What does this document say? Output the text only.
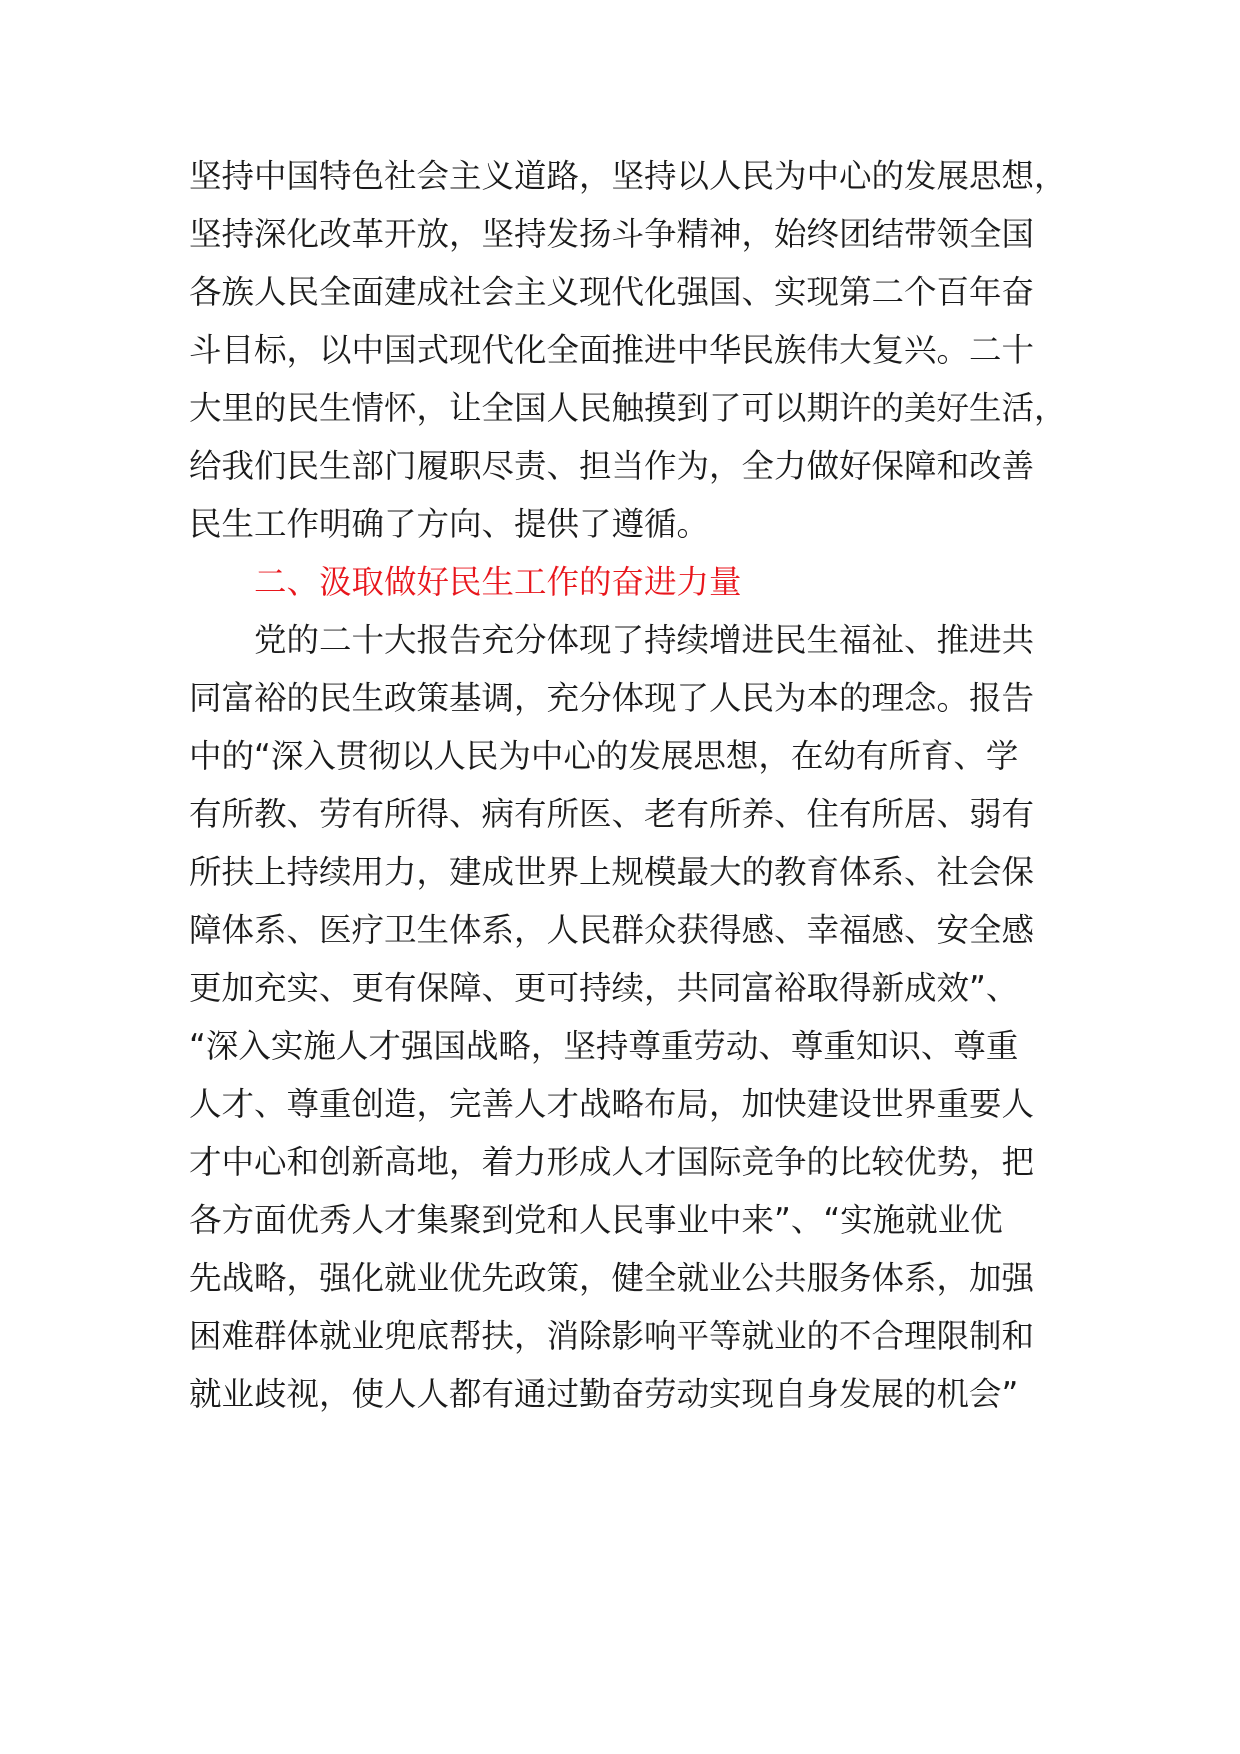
坚持中国特色社会主义道路，坚持以人民为中心的发展思想，
坚持深化改革开放，坚持发扬斗争精神，始终团结带领全国
各族人民全面建成社会主义现代化强国、实现第二个百年奋
斗目标，以中国式现代化全面推进中华民族伟大复兴。二十
大里的民生情怀，让全国人民触摸到了可以期许的美好生活，
给我们民生部门履职尽责、担当作为，全力做好保障和改善
民生工作明确了方向、提供了遵循。
二、汲取做好民生工作的奋进力量
党的二十大报告充分体现了持续增进民生福祉、推进共
同富裕的民生政策基调，充分体现了人民为本的理念。报告
中的“深入贯彻以人民为中心的发展思想，在幼有所育、学
有所教、劳有所得、病有所医、老有所养、住有所居、弱有
所扶上持续用力，建成世界上规模最大的教育体系、社会保
障体系、医疗卫生体系，人民群众获得感、幸福感、安全感
更加充实、更有保障、更可持续，共同富裕取得新成效”、
“深入实施人才强国战略，坚持尊重劳动、尊重知识、尊重
人才、尊重创造，完善人才战略布局，加快建设世界重要人
才中心和创新高地，着力形成人才国际竞争的比较优势，把
各方面优秀人才集聚到党和人民事业中来”、“实施就业优
先战略，强化就业优先政策，健全就业公共服务体系，加强
困难群体就业兜底帮扶，消除影响平等就业的不合理限制和
就业歧视，使人人都有通过勤奋劳动实现自身发展的机会”
